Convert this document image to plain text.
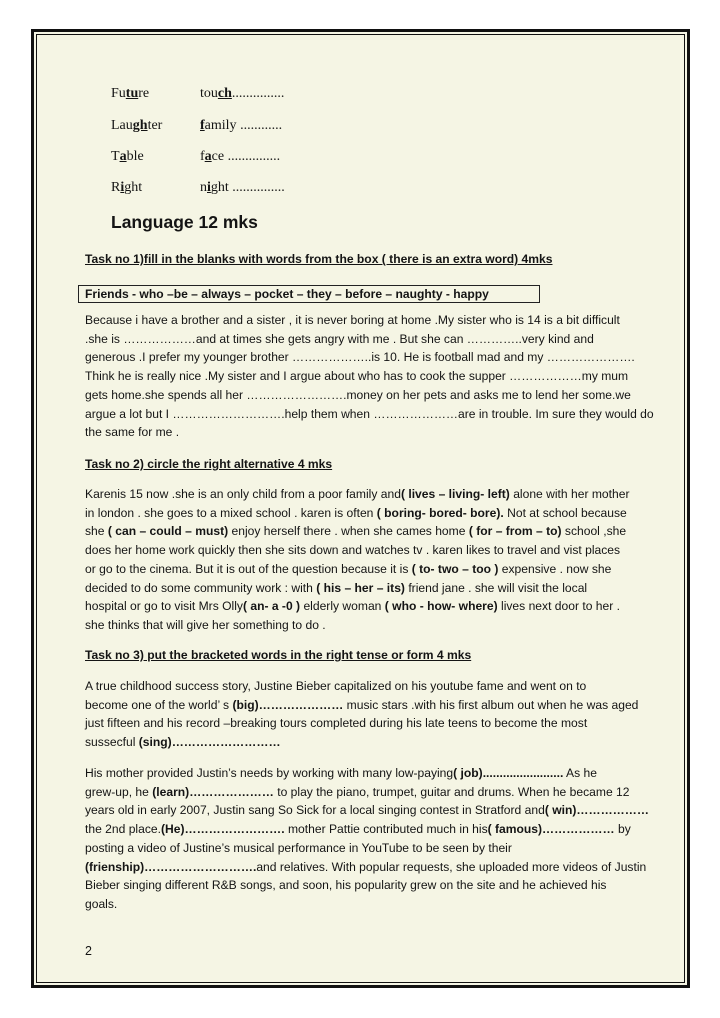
Future	touch...............
Laughter	family ............
Table	face ...............
Right	night ...............
Language 12 mks
Task no 1)fill in the blanks with words from the box ( there is an extra word) 4mks
Friends - who –be – always – pocket – they – before – naughty - happy
Because i have a brother and a sister , it is never boring at home .My sister who is 14 is a bit difficult
.she is ………………and at times she gets angry with me . But she can …………..very kind and
generous .I prefer my younger brother ………………..is 10. He is football mad and my ………………….
Think he is really nice .My sister and I argue about who has to cook the supper ………………my mum
gets home.she spends all her …………………….money on her pets and asks me to lend her some.we
argue a lot but I ……………………….help them when …………………are in trouble. Im sure they would do
the same for me .
Task no 2) circle the right alternative 4 mks
Karenis 15 now .she is an only child from a poor family and( lives – living- left) alone with her mother
in london . she goes to a mixed school . karen is often ( boring- bored- bore). Not at school because
she ( can – could – must) enjoy herself there . when she cames home ( for – from – to) school ,she
does her home work quickly then she sits down and watches tv . karen likes to travel and vist places
or go to the cinema. But it is out of the question because it is ( to- two – too ) expensive . now she
decided to do some community work : with ( his – her – its) friend jane . she will visit the local
hospital or go to visit Mrs Olly( an- a -0 ) elderly woman ( who - how- where) lives next door to her .
she thinks that will give her something to do .
Task no 3) put the bracketed words in the right tense or form 4 mks
A true childhood success story, Justine Bieber capitalized on his youtube fame and went on to
become one of the world’ s (big)………………… music stars .with his first album out when he was aged
just fifteen and his record –breaking tours completed during his late teens to become the most
sussecful (sing)………………………
His mother provided Justin’s needs by working with many low-paying( job)........................ As he
grew-up, he (learn)………………… to play the piano, trumpet, guitar and drums. When he became 12
years old in early 2007, Justin sang So Sick for a local singing contest in Stratford and( win)………………
the 2nd place.(He)……………………. mother Pattie contributed much in his( famous)……………… by
posting a video of Justine’s musical performance in YouTube to be seen by their
(frienship)……………………….and relatives. With popular requests, she uploaded more videos of Justin
Bieber singing different R&B songs, and soon, his popularity grew on the site and he achieved his
goals.
2
